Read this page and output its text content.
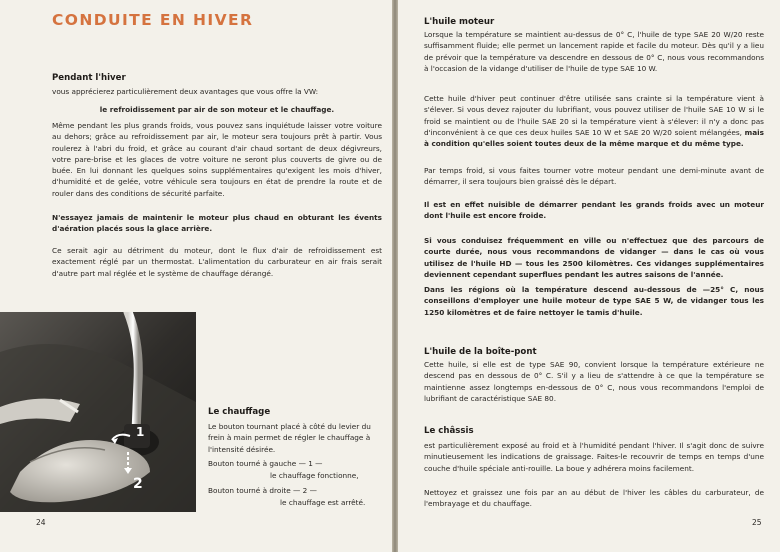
CONDUITE EN HIVER
Pendant l'hiver

vous apprécierez particulièrement deux avantages que vous offre la VW:

le refroidissement par air de son moteur et le chauffage.

Même pendant les plus grands froids, vous pouvez sans inquiétude laisser votre voiture au dehors; grâce au refroidissement par air, le moteur sera toujours prêt à partir. Vous roulerez à l'abri du froid, et grâce au courant d'air chaud sortant de deux dégivreurs, votre pare-brise et les glaces de votre voiture ne seront plus couverts de givre ou de buée. En lui donnant les quelques soins supplémentaires qu'exigent les mois d'hiver, d'humidité et de gelée, votre véhicule sera toujours en état de prendre la route et de rouler dans des conditions de sécurité parfaite.

N'essayez jamais de maintenir le moteur plus chaud en obturant les évents d'aération placés sous la glace arrière.

Ce serait agir au détriment du moteur, dont le flux d'air de refroidissement est exactement réglé par un thermostat. L'alimentation du carburateur en air frais serait d'autre part mal réglée et le système de chauffage dérangé.

1
2
Le chauffage

Le bouton tournant placé à côté du levier du frein à main permet de régler le chauffage à l'intensité désirée.

Bouton tourné à gauche — 1 —

le chauffage fonctionne,

Bouton tourné à droite — 2 —

le chauffage est arrêté.

24

L'huile moteur

Lorsque la température se maintient au-dessus de 0° C, l'huile de type SAE 20 W/20 reste suffisamment fluide; elle permet un lancement rapide et facile du moteur. Dès qu'il y a lieu de prévoir que la température va descendre en dessous de 0° C, nous vous recommandons à l'occasion de la vidange d'utiliser de l'huile de type SAE 10 W.

Cette huile d'hiver peut continuer d'être utilisée sans crainte si la température vient à s'élever. Si vous devez rajouter du lubrifiant, vous pouvez utiliser de l'huile SAE 10 W si le froid se maintient ou de l'huile SAE 20 si la température vient à s'élever: il n'y a donc pas d'inconvénient à ce que ces deux huiles SAE 10 W et SAE 20 W/20 soient mélangées, mais à condition qu'elles soient toutes deux de la même marque et du même type.

Par temps froid, si vous faites tourner votre moteur pendant une demi-minute avant de démarrer, il sera toujours bien graissé dès le départ.

Il est en effet nuisible de démarrer pendant les grands froids avec un moteur dont l'huile est encore froide.

Si vous conduisez fréquemment en ville ou n'effectuez que des parcours de courte durée, nous vous recommandons de vidanger — dans le cas où vous utilisez de l'huile HD — tous les 2500 kilomètres. Ces vidanges supplémentaires deviennent cependant superflues pendant les autres saisons de l'année.

Dans les régions où la température descend au-dessous de —25° C, nous conseillons d'employer une huile moteur de type SAE 5 W, de vidanger tous les 1250 kilomètres et de faire nettoyer le tamis d'huile.

L'huile de la boîte-pont

Cette huile, si elle est de type SAE 90, convient lorsque la température extérieure ne descend pas en dessous de 0° C. S'il y a lieu de s'attendre à ce que la température se maintienne assez longtemps en-dessous de 0° C, nous vous recommandons l'emploi de lubrifiant de caractéristique SAE 80.

Le châssis

est particulièrement exposé au froid et à l'humidité pendant l'hiver. Il s'agit donc de suivre minutieusement les indications de graissage. Faites-le recouvrir de temps en temps d'une couche d'huile spéciale anti-rouille. La boue y adhérera moins facilement.

Nettoyez et graissez une fois par an au début de l'hiver les câbles du carburateur, de l'embrayage et du chauffage.

25
